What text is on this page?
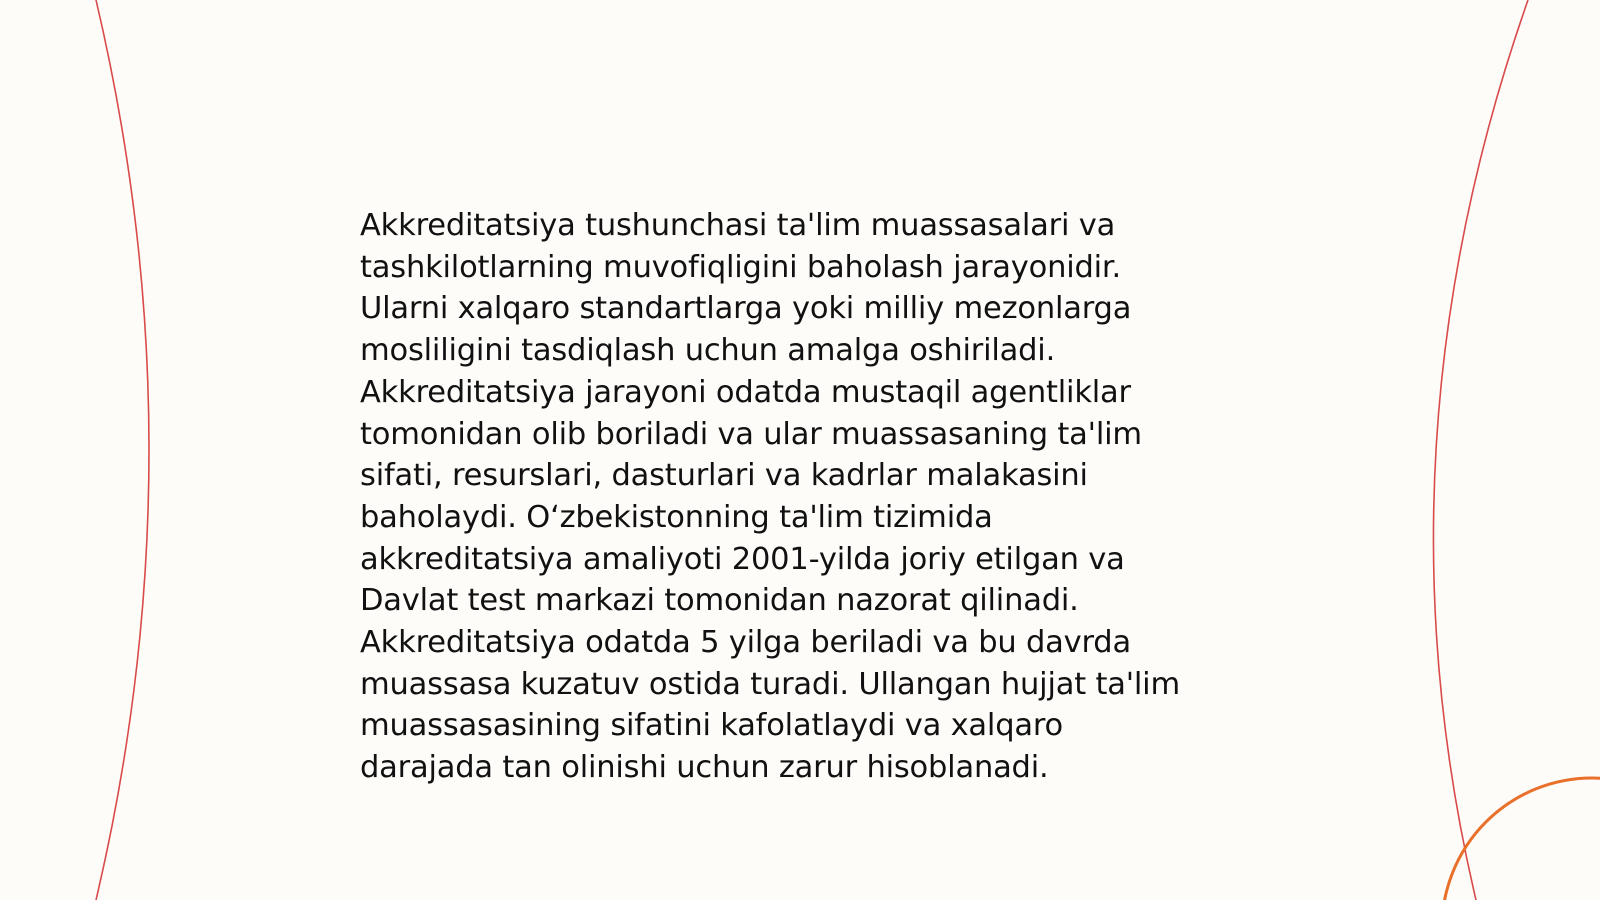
Akkreditatsiya tushunchasi ta'lim muassasalari va
tashkilotlarning muvofiqligini baholash jarayonidir.
Ularni xalqaro standartlarga yoki milliy mezonlarga
mosliligini tasdiqlash uchun amalga oshiriladi.
Akkreditatsiya jarayoni odatda mustaqil agentliklar
tomonidan olib boriladi va ular muassasaning ta'lim
sifati, resurslari, dasturlari va kadrlar malakasini
baholaydi. O‘zbekistonning ta'lim tizimida
akkreditatsiya amaliyoti 2001-yilda joriy etilgan va
Davlat test markazi tomonidan nazorat qilinadi.
Akkreditatsiya odatda 5 yilga beriladi va bu davrda
muassasa kuzatuv ostida turadi. Ullangan hujjat ta'lim
muassasasining sifatini kafolatlaydi va xalqaro
darajada tan olinishi uchun zarur hisoblanadi.
